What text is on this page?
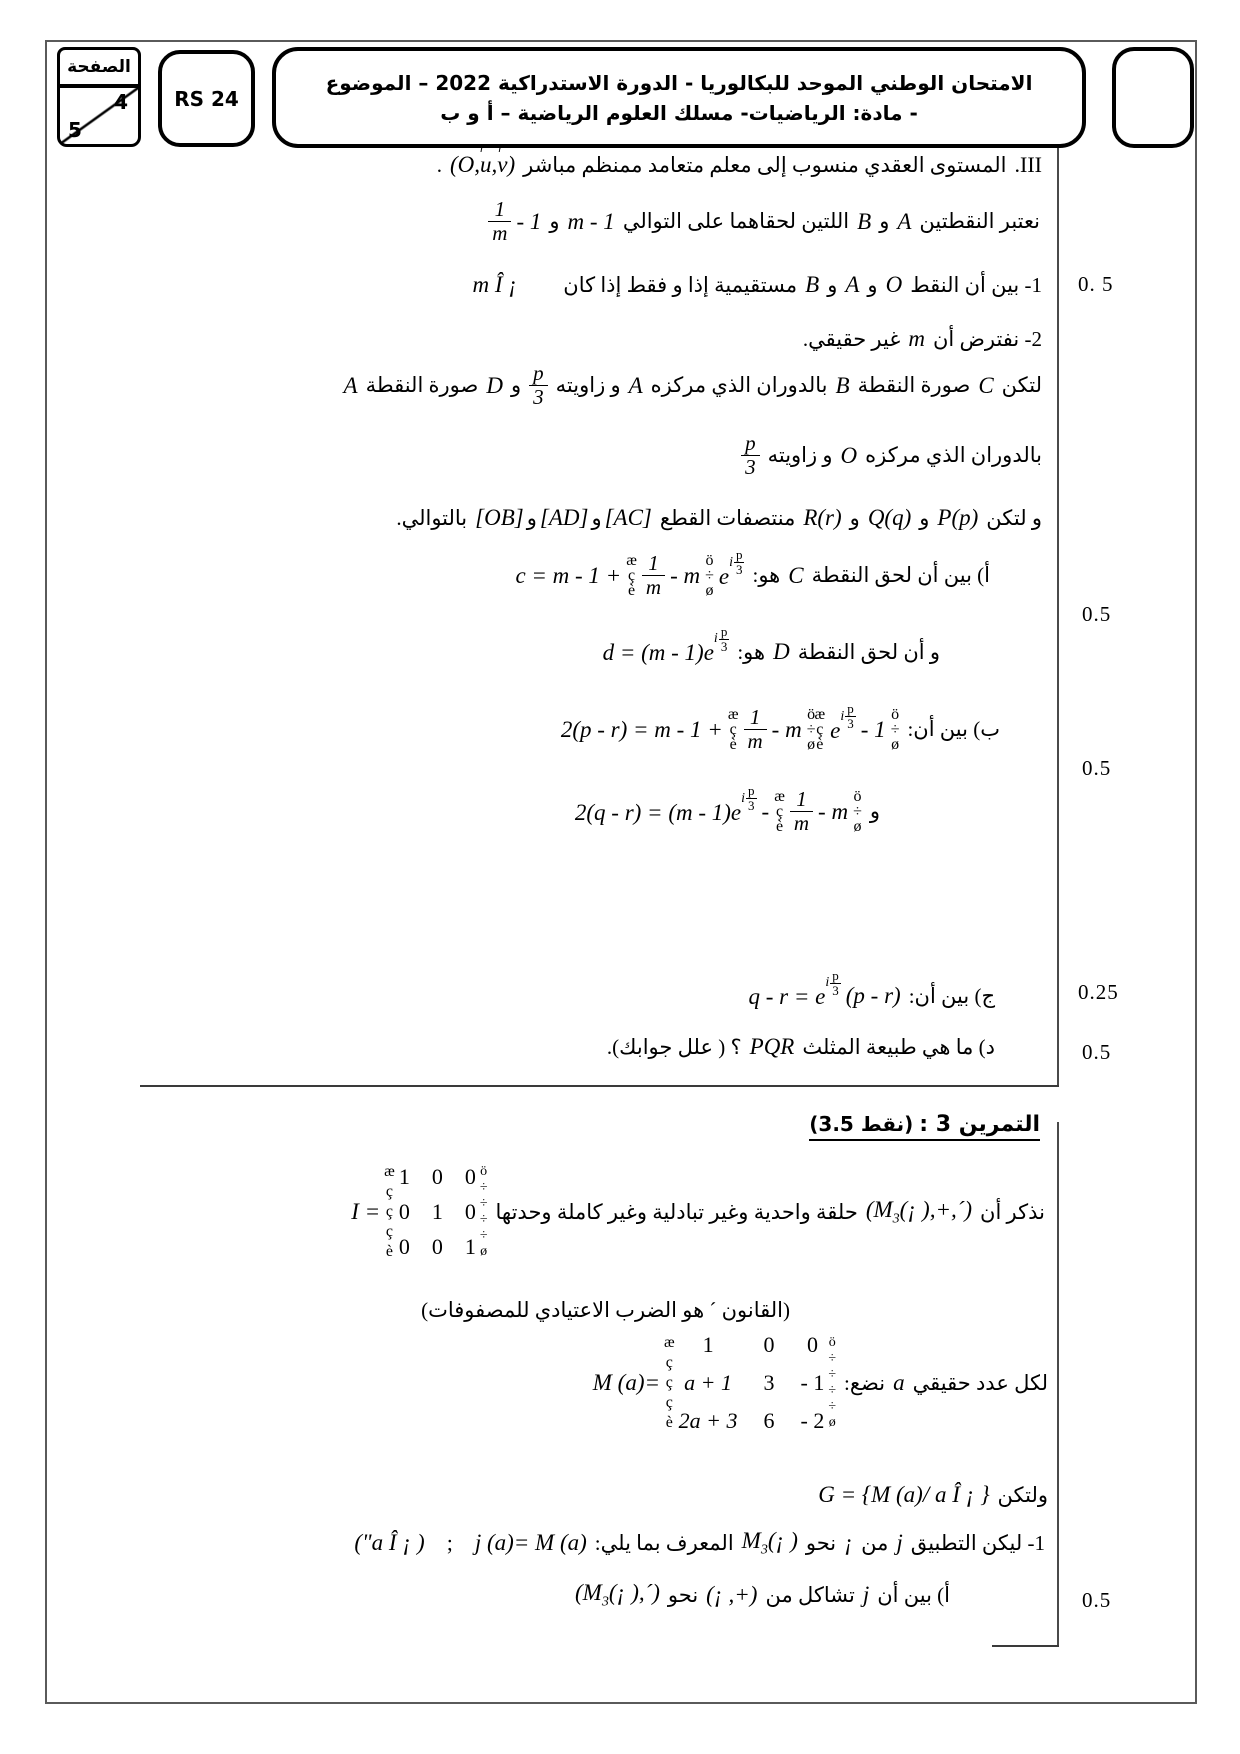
الصفحة
4
5
RS 24
الامتحان الوطني الموحد للبكالوريا - الدورة الاستدراكية 2022 – الموضوع
- مادة: الرياضيات- مسلك العلوم الرياضية – أ و ب
0. 5
0.5
0.5
0.25
0.5
0.5
.III
المستوى العقدي منسوب إلى معلم متعامد ممنظم مباشر
(O,u,v)
r r
.
نعتبر النقطتين
A
و
B
اللتين لحقاهما على التوالي
m - 1
و
$\frac{1}{m} - 1$
1- بين أن النقط
O
و
A
و
B
مستقيمية إذا و فقط إذا كان
m Î ¡
2- نفترض أن
m
غير حقيقي.
لتكن
C
صورة النقطة
B
بالدوران الذي مركزه
A
و زاويته
p
3
و
D
صورة النقطة
A
بالدوران الذي مركزه
O
و زاويته
p
3
و لتكن
P(p)
و
Q(q)
و
R(r)
منتصفات القطع
[AC]
و
[AD]
و
[OB]
بالتوالي.
أ) بين أن لحق النقطة
C
هو:
c = m - 1 +
æ
ç
è $\frac{1}{m}$ - m
ö
÷
ø
e
i p
3
و أن لحق النقطة
D
هو:
d = (m - 1)e
i p
3
ب) بين أن:
2(p - r) = m - 1 +
æ
ç
è $\frac{1}{m}$ - m
ö
÷
ø
æ
ç
è
e
i p
3 - 1
ö
÷
ø
و
2(q - r) = (m - 1)e
i p
3 -
æ
ç
è $\frac{1}{m}$ - m
ö
÷
ø
ج) بين أن:
q - r = e
i p
3 (p - r)
د) ما هي طبيعة المثلث
PQR
؟ ( علل جوابك).
التمرين 3 :
(3.5 نقط)
نذكر أن
($M_3(¡$ ),+,´)
حلقة واحدية وغير تبادلية وغير كاملة وحدتها
I =
æ
ç
ç
ç
è
1 0 0
0 1 0
0 0 1
ö
÷
÷
÷
÷
ø
(القانون ´ هو الضرب الاعتيادي للمصفوفات)
لكل عدد حقيقي
a
نضع:
M (a)=
æ
ç
ç
ç
è
1	0 0
a + 1 3 - 1
2a + 3 6 - 2
ö
÷
÷
÷
÷
ø
ولتكن
G = {M (a)/ a Î ¡ }
1- ليكن التطبيق
j
من
¡
نحو
$M_3(¡$ )
المعرف بما يلي:
j (a)= M (a)
;
("a Î ¡ )
أ) بين أن
j
تشاكل من
(¡ ,+)
نحو
($M_3(¡$ ),´)
